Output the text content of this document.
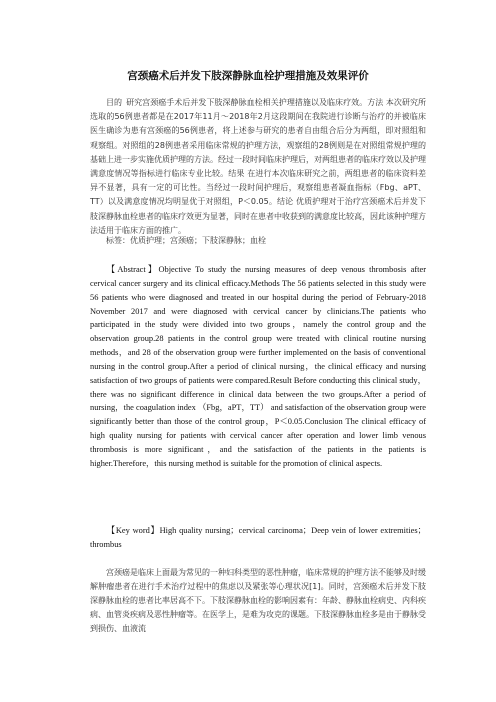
宫颈癌术后并发下肢深静脉血栓护理措施及效果评价
目的 研究宫颈癌手术后并发下肢深静脉血栓相关护理措施以及临床疗效。方法 本次研究所选取的56例患者都是在2017年11月～2018年2月这段期间在我院进行诊断与治疗的并被临床医生确诊为患有宫颈癌的56例患者，将上述参与研究的患者自由组合后分为两组，即对照组和观察组。对照组的28例患者采用临床常规的护理方法，观察组的28例则是在对照组常规护理的基础上进一步实施优质护理的方法。经过一段时间临床护理后，对两组患者的临床疗效以及护理满意度情况等指标进行临床专业比较。结果 在进行本次临床研究之前，两组患者的临床资料差异不显著，具有一定的可比性。当经过一段时间护理后，观察组患者凝血指标（Fbg、aPT、TT）以及满意度情况均明显优于对照组，P＜0.05。结论 优质护理对于治疗宫颈癌术后并发下肢深静脉血栓患者的临床疗效更为显著，同时在患者中收获到的满意度比较高，因此该种护理方法适用于临床方面的推广。
标签：优质护理；宫颈癌；下肢深静脉；血栓
【Abstract】Objective To study the nursing measures of deep venous thrombosis after cervical cancer surgery and its clinical efficacy.Methods The 56 patients selected in this study were 56 patients who were diagnosed and treated in our hospital during the period of February-2018 November 2017 and were diagnosed with cervical cancer by clinicians.The patients who participated in the study were divided into two groups，namely the control group and the observation group.28 patients in the control group were treated with clinical routine nursing methods，and 28 of the observation group were further implemented on the basis of conventional nursing in the control group.After a period of clinical nursing，the clinical efficacy and nursing satisfaction of two groups of patients were compared.Result Before conducting this clinical study，there was no significant difference in clinical data between the two groups.After a period of nursing，the coagulation index （Fbg，aPT，TT） and satisfaction of the observation group were significantly better than those of the control group，P＜0.05.Conclusion The clinical efficacy of high quality nursing for patients with cervical cancer after operation and lower limb venous thrombosis is more significant，and the satisfaction of the patients in the patients is higher.Therefore，this nursing method is suitable for the promotion of clinical aspects.
【Key word】High quality nursing；cervical carcinoma；Deep vein of lower extremities；thrombus
宫颈癌是临床上面最为常见的一种妇科类型的恶性肿瘤，临床常规的护理方法不能够及时缓解肿瘤患者在进行手术治疗过程中的焦虑以及紧张等心理状况[1]。同时，宫颈癌术后并发下肢深静脉血栓的患者比率居高不下。下肢深静脉血栓的影响因素有：年龄、静脉血栓病史、内科疾病、血管炎疾病及恶性肿瘤等。在医学上，是难为攻克的课题。下肢深静脉血栓多是由于静脉受到损伤、血液流
